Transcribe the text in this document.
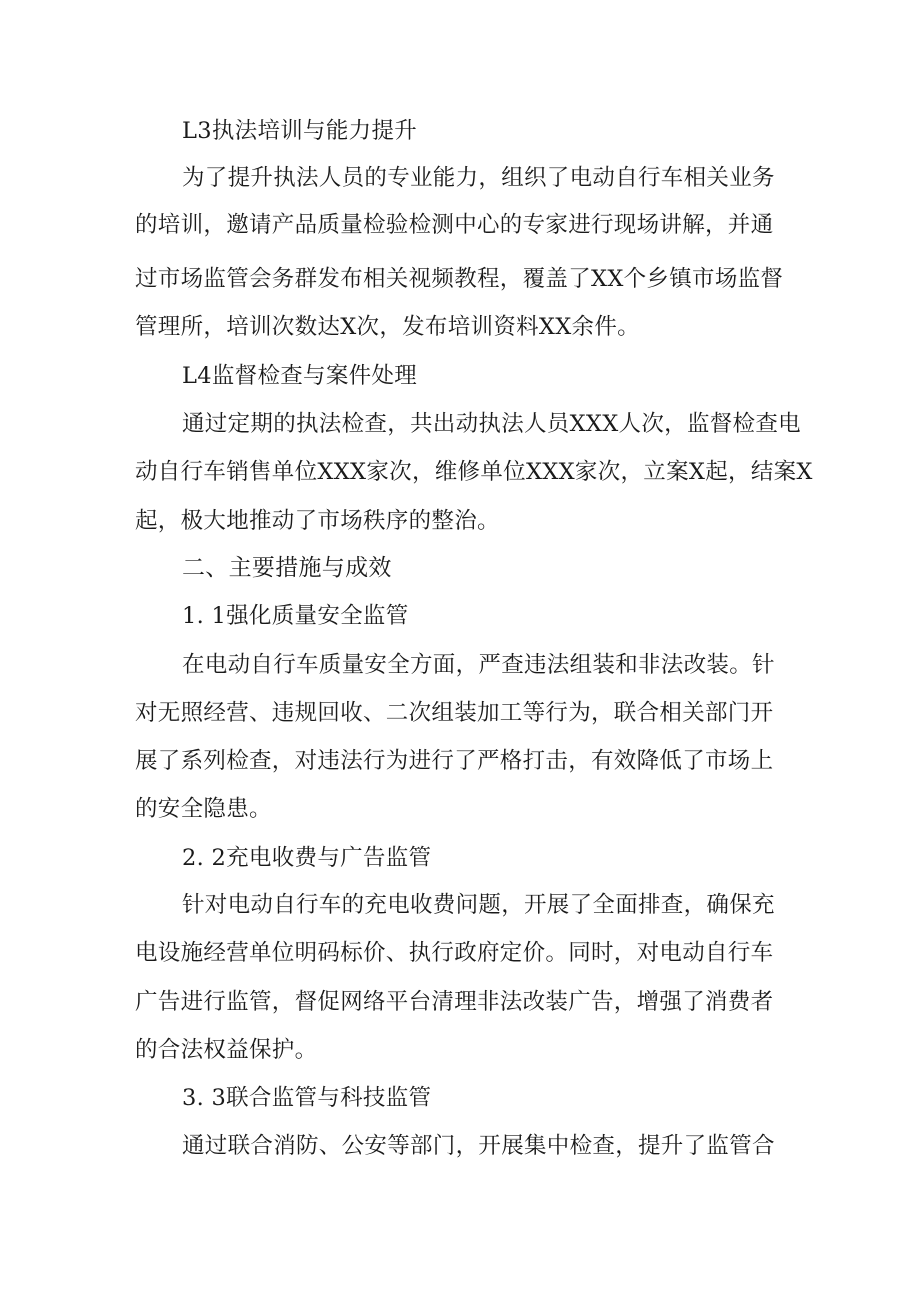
L3执法培训与能力提升
为了提升执法人员的专业能力，组织了电动自行车相关业务
的培训，邀请产品质量检验检测中心的专家进行现场讲解，并通
过市场监管会务群发布相关视频教程，覆盖了XX个乡镇市场监督
管理所，培训次数达X次，发布培训资料XX余件。
L4监督检查与案件处理
通过定期的执法检查，共出动执法人员XXX人次，监督检查电
动自行车销售单位XXX家次，维修单位XXX家次，立案X起，结案X
起，极大地推动了市场秩序的整治。
二、主要措施与成效
1. 1强化质量安全监管
在电动自行车质量安全方面，严查违法组装和非法改装。针
对无照经营、违规回收、二次组装加工等行为，联合相关部门开
展了系列检查，对违法行为进行了严格打击，有效降低了市场上
的安全隐患。
2. 2充电收费与广告监管
针对电动自行车的充电收费问题，开展了全面排查，确保充
电设施经营单位明码标价、执行政府定价。同时，对电动自行车
广告进行监管，督促网络平台清理非法改装广告，增强了消费者
的合法权益保护。
3. 3联合监管与科技监管
通过联合消防、公安等部门，开展集中检查，提升了监管合
